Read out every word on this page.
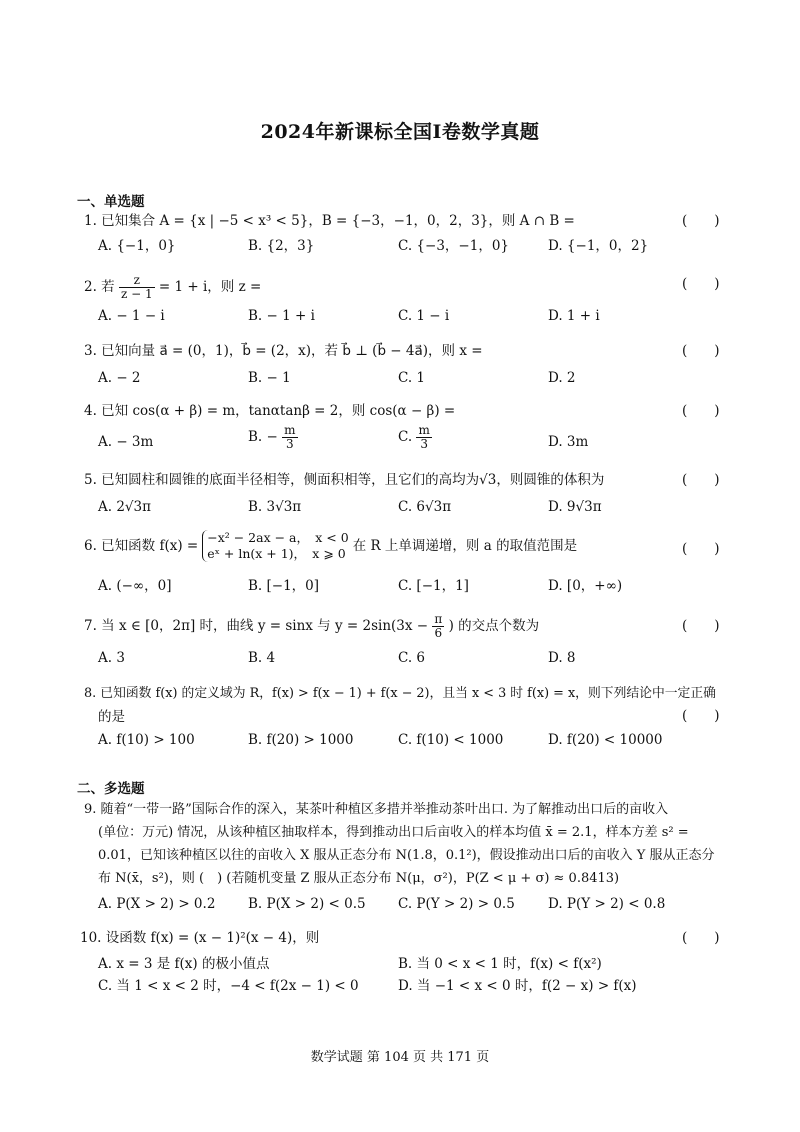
2024年新课标全国I卷数学真题
一、单选题
1. 已知集合 A = {x | −5 < x³ < 5}，B = {−3，−1，0，2，3}，则 A ∩ B =	(　　)
A. {−1，0}	B. {2，3}	C. {−3，−1，0}	D. {−1，0，2}
2. 若 $\frac{z}{z - 1} = 1 + i$，则 z =	(　　)
A. − 1 − i	B. − 1 + i	C. 1 − i	D. 1 + i
3. 已知向量 a⃗ = (0，1)，b⃗ = (2，x)，若 b⃗ ⊥ (b⃗ − 4a⃗)，则 x =	(　　)
A. − 2	B. − 1	C. 1	D. 2
4. 已知 cos(α + β) = m，tanαtanβ = 2，则 cos(α − β) =	(　　)
A. − 3m	B. − $\frac{m}{3}$	C. $\frac{m}{3}$	D. 3m
5. 已知圆柱和圆锥的底面半径相等，侧面积相等，且它们的高均为√3，则圆锥的体积为	(　　)
A. 2√3π	B. 3√3π	C. 6√3π	D. 9√3π
6. 已知函数 f(x) =
−x² − 2ax − a，　x < 0
eˣ + ln(x + 1)，　x ⩾ 0 在 R 上单调递增，则 a 的取值范围是	(　　)
A. (−∞，0]	B. [−1，0]	C. [−1，1]	D. [0，+∞)
7. 当 x ∈ [0，2π] 时，曲线 y = sinx 与 $y = 2\sin(3x - \frac{\pi}{6}$ ) 的交点个数为	(　　)
A. 3	B. 4	C. 6	D. 8
8. 已知函数 f(x) 的定义域为 R，f(x) > f(x − 1) + f(x − 2)，且当 x < 3 时 f(x) = x，则下列结论中一定正确
的是	(　　)
A. f(10) > 100	B. f(20) > 1000	C. f(10) < 1000	D. f(20) < 10000
二、多选题
9. 随着“一带一路”国际合作的深入，某茶叶种植区多措并举推动茶叶出口. 为了解推动出口后的亩收入
(单位：万元) 情况，从该种植区抽取样本，得到推动出口后亩收入的样本均值 x̄ = 2.1，样本方差 s² =
0.01，已知该种植区以往的亩收入 X 服从正态分布 N(1.8，0.1²)，假设推动出口后的亩收入 Y 服从正态分
布 N(x̄，s²)，则 (　) (若随机变量 Z 服从正态分布 N(μ，σ²)，P(Z < μ + σ) ≈ 0.8413)
A. P(X > 2) > 0.2 B. P(X > 2) < 0.5 C. P(Y > 2) > 0.5 D. P(Y > 2) < 0.8
10. 设函数 f(x) = (x − 1)²(x − 4)，则	(　　)
A. x = 3 是 f(x) 的极小值点	B. 当 0 < x < 1 时，f(x) < f(x²)
C. 当 1 < x < 2 时，−4 < f(2x − 1) < 0	D. 当 −1 < x < 0 时，f(2 − x) > f(x)
数学试题 第 104 页 共 171 页
